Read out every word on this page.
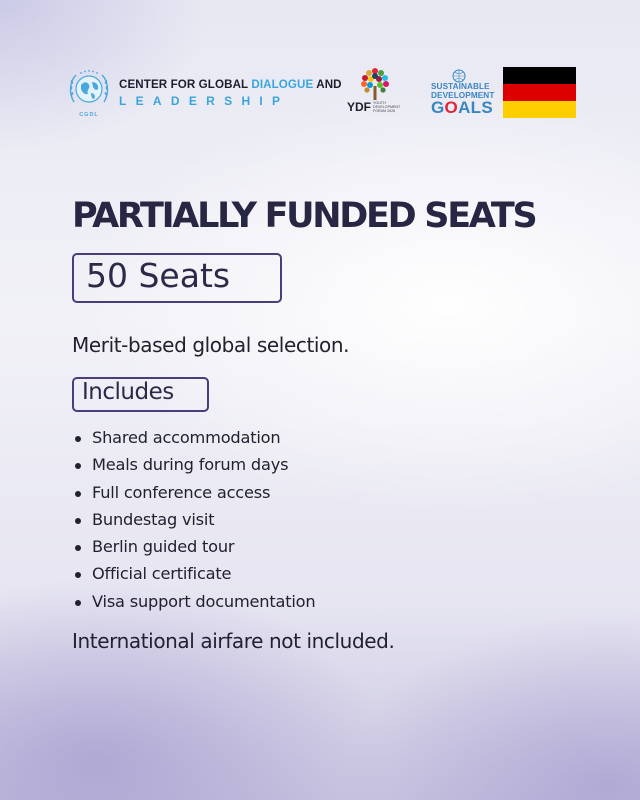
CGDL
CENTER FOR GLOBAL DIALOGUE AND
LEADERSHIP	YDF YOUTH DEVELOPMENT FORUM 2026
SUSTAINABLE
DEVELOPMENT
GOALS
PARTIALLY FUNDED SEATS
50 Seats
Merit-based global selection.
Includes
Shared accommodation
Meals during forum days
Full conference access
Bundestag visit
Berlin guided tour
Official certificate
Visa support documentation
International airfare not included.
